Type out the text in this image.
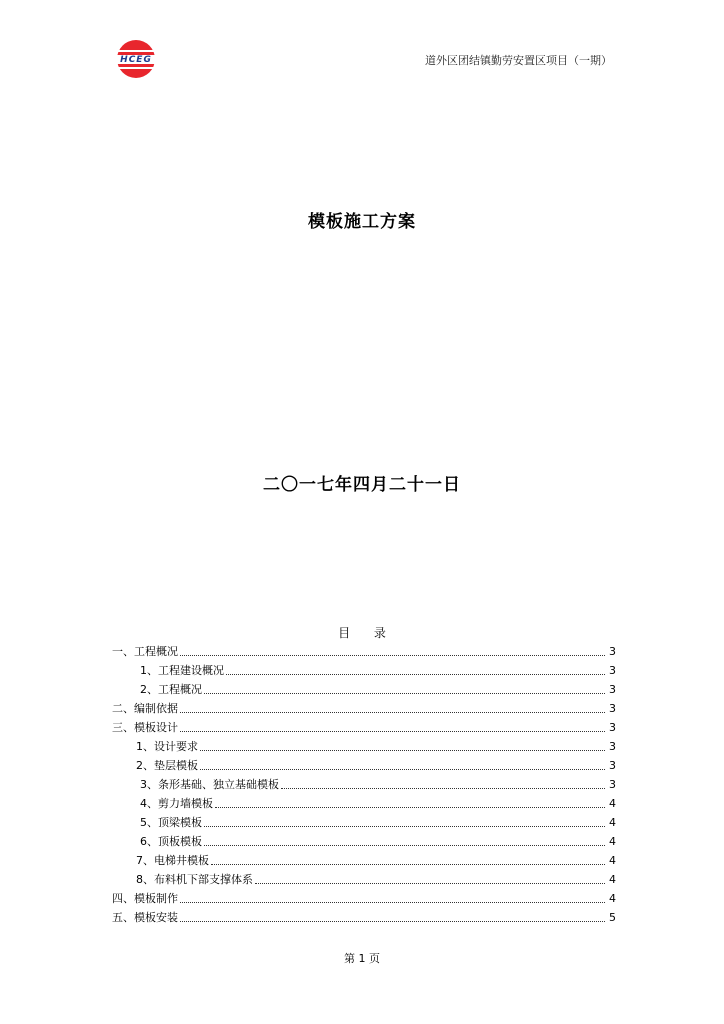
HCEG	道外区团结镇勤劳安置区项目（一期）
模板施工方案
二〇一七年四月二十一日
目 录
一、工程概况	3
1、工程建设概况	3
2、工程概况	3
二、编制依据	3
三、模板设计	3
1、设计要求	3
2、垫层模板	3
3、条形基础、独立基础模板	3
4、剪力墙模板	4
5、顶梁模板	4
6、顶板模板	4
7、电梯井模板	4
8、布料机下部支撑体系	4
四、模板制作	4
五、模板安装	5
第 1 页
